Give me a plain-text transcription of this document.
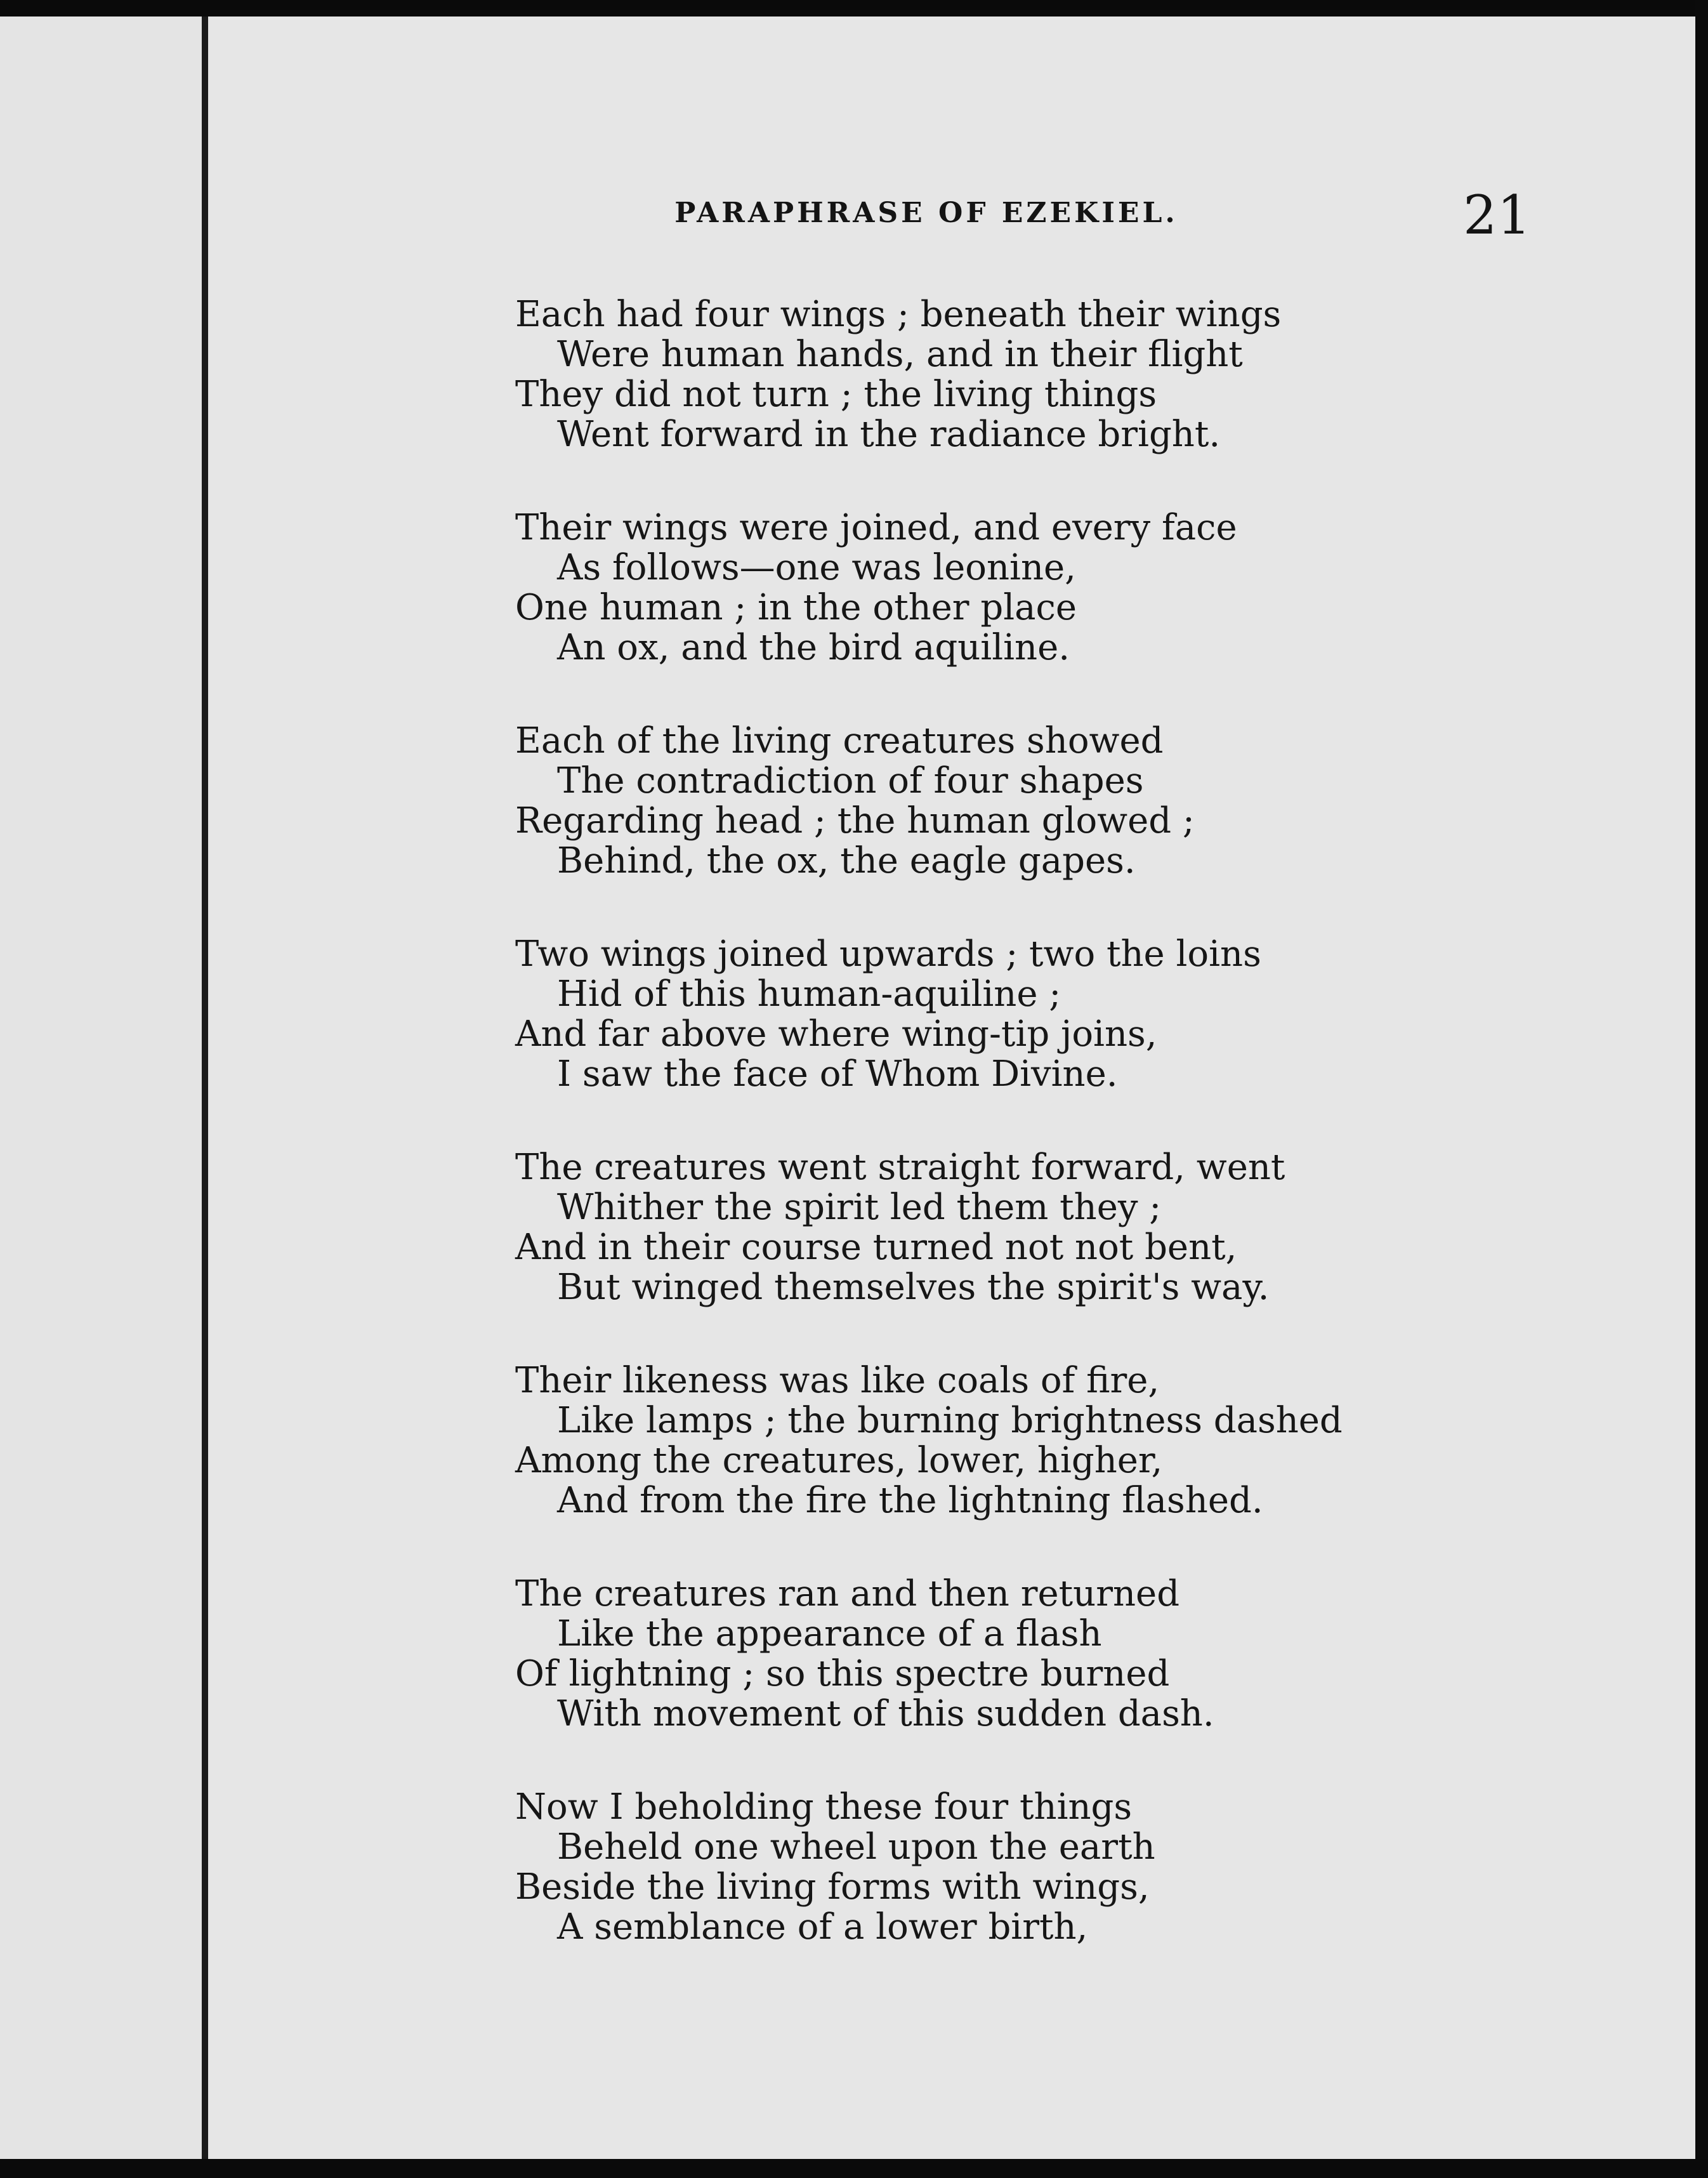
PARAPHRASE OF EZEKIEL.	21
Each had four wings ; beneath their wings
Were human hands, and in their flight
They did not turn ; the living things
Went forward in the radiance bright.
Their wings were joined, and every face
As follows—one was leonine,
One human ; in the other place
An ox, and the bird aquiline.
Each of the living creatures showed
The contradiction of four shapes
Regarding head ; the human glowed ;
Behind, the ox, the eagle gapes.
Two wings joined upwards ; two the loins
Hid of this human-aquiline ;
And far above where wing-tip joins,
I saw the face of Whom Divine.
The creatures went straight forward, went
Whither the spirit led them they ;
And in their course turned not not bent,
But winged themselves the spirit's way.
Their likeness was like coals of fire,
Like lamps ; the burning brightness dashed
Among the creatures, lower, higher,
And from the fire the lightning flashed.
The creatures ran and then returned
Like the appearance of a flash
Of lightning ; so this spectre burned
With movement of this sudden dash.
Now I beholding these four things
Beheld one wheel upon the earth
Beside the living forms with wings,
A semblance of a lower birth,
